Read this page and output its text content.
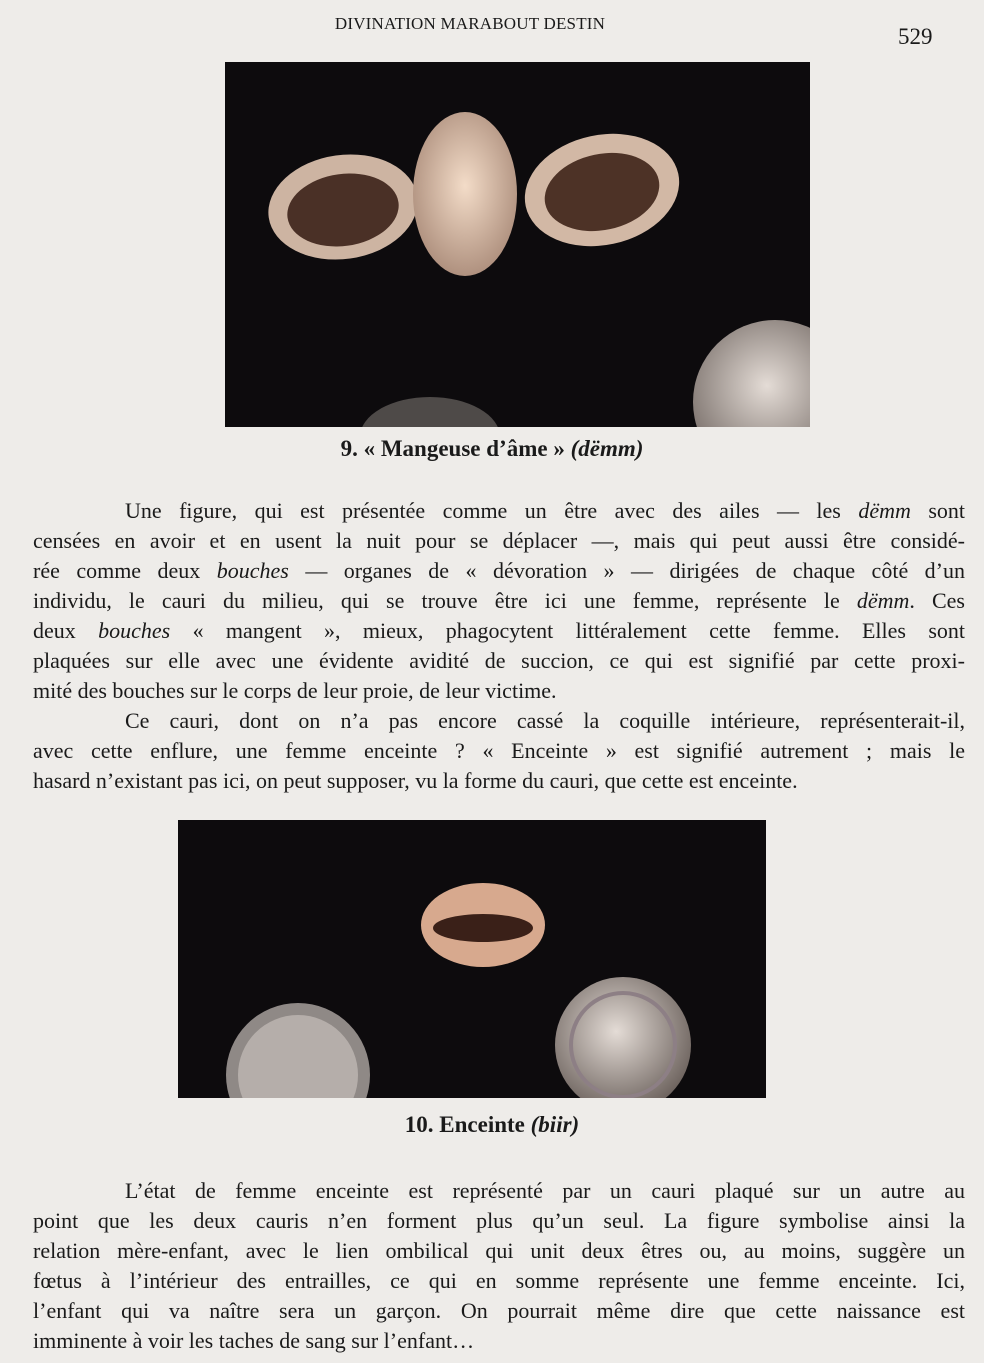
DIVINATION MARABOUT DESTIN
529
9. « Mangeuse d’âme » (dëmm)
10. Enceinte (biir)
Une figure, qui est présentée comme un être avec des ailes — les dëmm sont
censées en avoir et en usent la nuit pour se déplacer —, mais qui peut aussi être considé-
rée comme deux bouches — organes de « dévoration » — dirigées de chaque côté d’un
individu, le cauri du milieu, qui se trouve être ici une femme, représente le dëmm. Ces
deux bouches « mangent », mieux, phagocytent littéralement cette femme. Elles sont
plaquées sur elle avec une évidente avidité de succion, ce qui est signifié par cette proxi-
mité des bouches sur le corps de leur proie, de leur victime.
Ce cauri, dont on n’a pas encore cassé la coquille intérieure, représenterait-il,
avec cette enflure, une femme enceinte ? « Enceinte » est signifié autrement ; mais le
hasard n’existant pas ici, on peut supposer, vu la forme du cauri, que cette est enceinte.
L’état de femme enceinte est représenté par un cauri plaqué sur un autre au
point que les deux cauris n’en forment plus qu’un seul. La figure symbolise ainsi la
relation mère-enfant, avec le lien ombilical qui unit deux êtres ou, au moins, suggère un
fœtus à l’intérieur des entrailles, ce qui en somme représente une femme enceinte. Ici,
l’enfant qui va naître sera un garçon. On pourrait même dire que cette naissance est
imminente à voir les taches de sang sur l’enfant…
